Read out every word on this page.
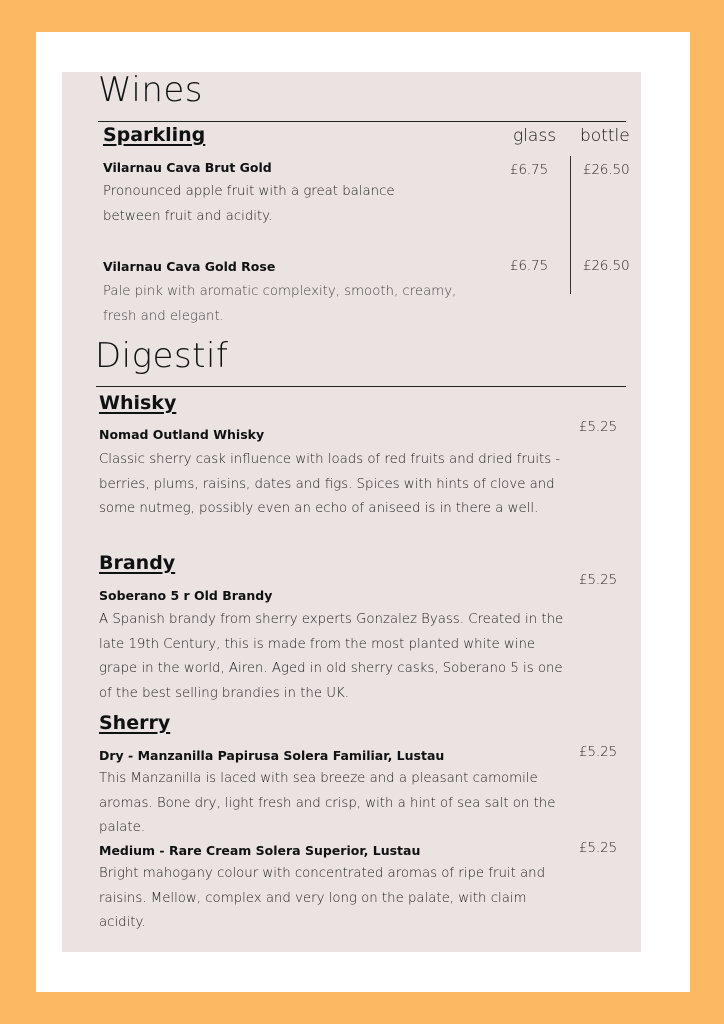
Wines
Sparkling	glass bottle
Vilarnau Cava Brut Gold

Pronounced apple fruit with a great balance between fruit and acidity.

£6.75	£26.50
Vilarnau Cava Gold Rose

Pale pink with aromatic complexity, smooth, creamy, fresh and elegant.

£6.75	£26.50
Digestif
Whisky
Nomad Outland Whisky

Classic sherry cask influence with loads of red fruits and dried fruits - berries, plums, raisins, dates and figs. Spices with hints of clove and some nutmeg, possibly even an echo of aniseed is in there a well.

£5.25
Brandy
Soberano 5 r Old Brandy

A Spanish brandy from sherry experts Gonzalez Byass. Created in the late 19th Century, this is made from the most planted white wine grape in the world, Airen. Aged in old sherry casks, Soberano 5 is one of the best selling brandies in the UK.

£5.25
Sherry
Dry - Manzanilla Papirusa Solera Familiar, Lustau

This Manzanilla is laced with sea breeze and a pleasant camomile aromas. Bone dry, light fresh and crisp, with a hint of sea salt on the palate.

£5.25
Medium - Rare Cream Solera Superior, Lustau

Bright mahogany colour with concentrated aromas of ripe fruit and raisins. Mellow, complex and very long on the palate, with claim acidity.

£5.25
